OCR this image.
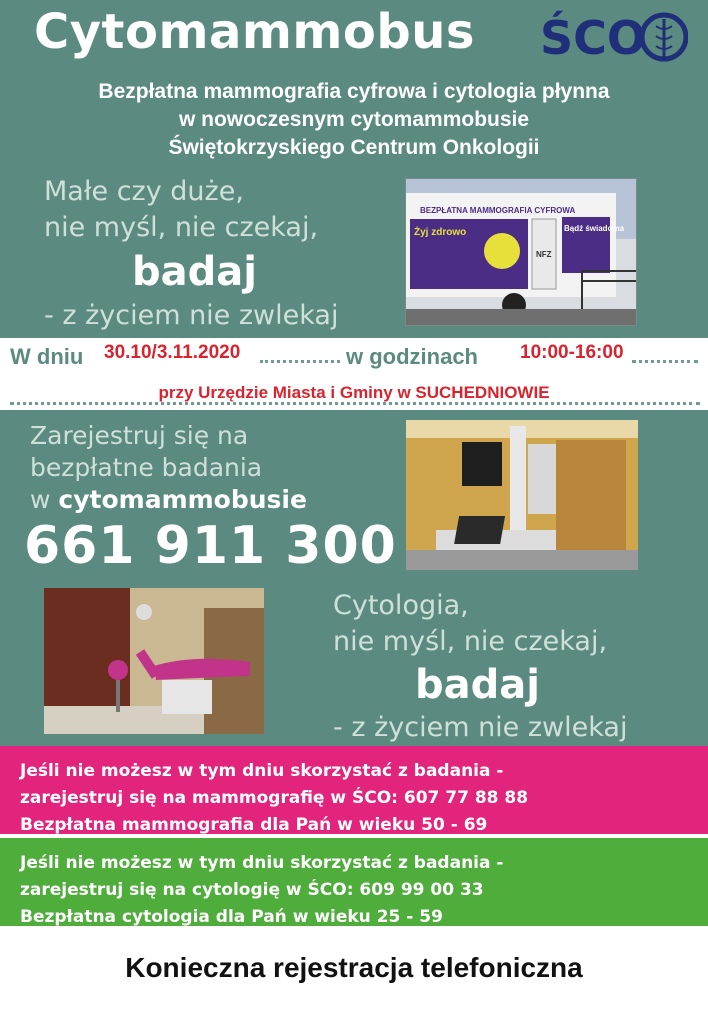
Cytomammobus ŚCO
Bezpłatna mammografia cyfrowa i cytologia płynna
w nowoczesnym cytomammobusie
Świętokrzyskiego Centrum Onkologii
Małe czy duże,
nie myśl, nie czekaj,
badaj
- z życiem nie zwlekaj
BEZPŁATNA MAMMOGRAFIA CYFROWA
Żyj zdrowo	Bądź świadoma
NFZ
W dniu 30.10/3.11.2020	w godzinach 10:00-16:00
przy Urzędzie Miasta i Gminy w SUCHEDNIOWIE
Zarejestruj się na
bezpłatne badania
w cytomammobusie
661 911 300
Cytologia,
nie myśl, nie czekaj,
badaj
- z życiem nie zwlekaj
Jeśli nie możesz w tym dniu skorzystać z badania -
zarejestruj się na mammografię w ŚCO: 607 77 88 88
Bezpłatna mammografia dla Pań w wieku 50 - 69
Jeśli nie możesz w tym dniu skorzystać z badania -
zarejestruj się na cytologię w ŚCO: 609 99 00 33
Bezpłatna cytologia dla Pań w wieku 25 - 59
Konieczna rejestracja telefoniczna
